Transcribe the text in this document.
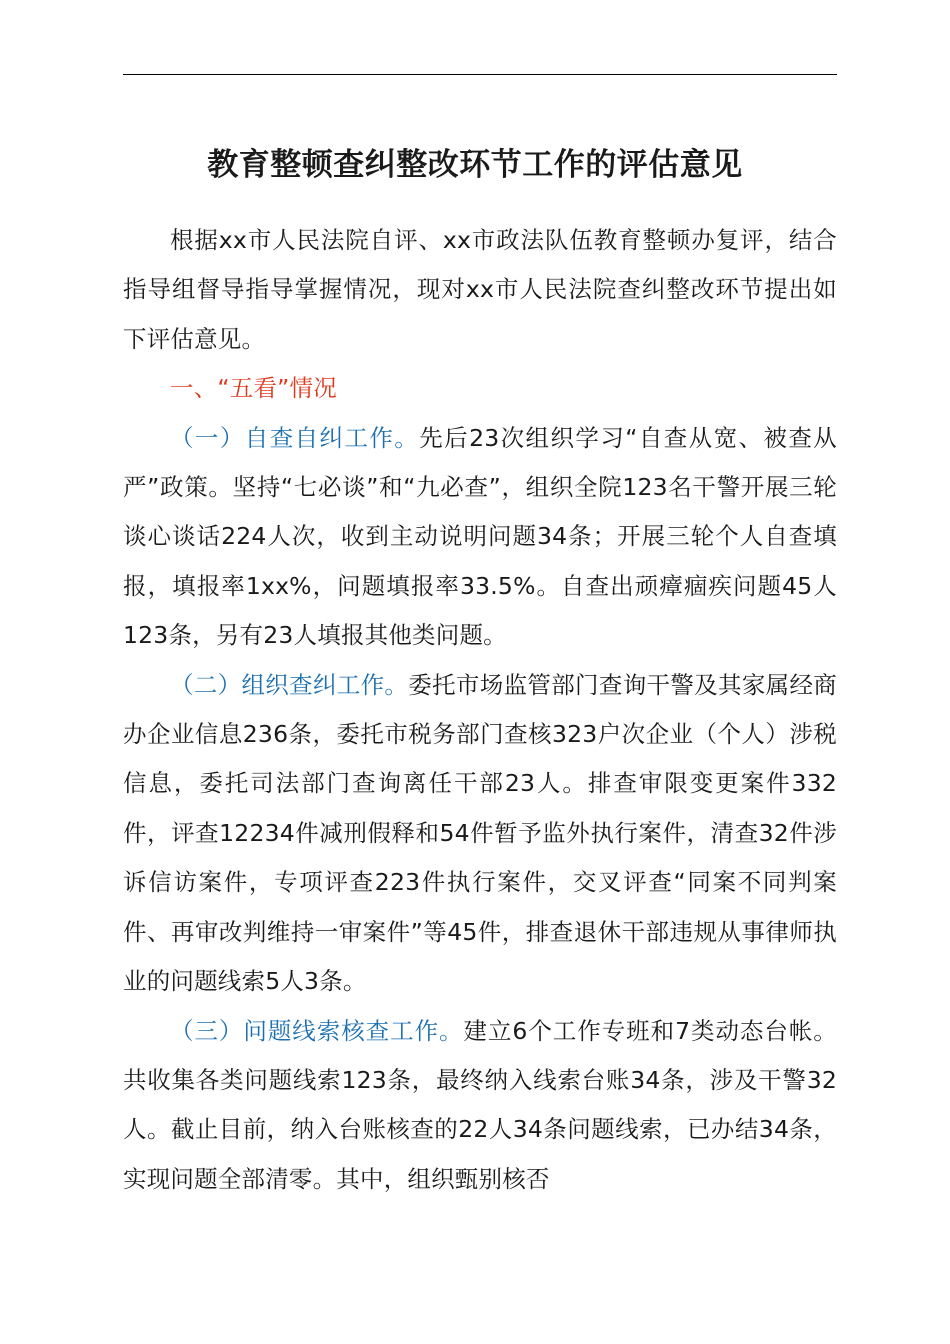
教育整顿查纠整改环节工作的评估意见

根据xx市人民法院自评、xx市政法队伍教育整顿办复评，结合指导组督导指导掌握情况，现对xx市人民法院查纠整改环节提出如下评估意见。

一、“五看”情况

（一）自查自纠工作。先后23次组织学习“自查从宽、被查从严”政策。坚持“七必谈”和“九必查”，组织全院123名干警开展三轮谈心谈话224人次，收到主动说明问题34条；开展三轮个人自查填报，填报率1xx%，问题填报率33.5%。自查出顽瘴痼疾问题45人123条，另有23人填报其他类问题。

（二）组织查纠工作。委托市场监管部门查询干警及其家属经商办企业信息236条，委托市税务部门查核323户次企业（个人）涉税信息，委托司法部门查询离任干部23人。排查审限变更案件332件，评查12234件减刑假释和54件暂予监外执行案件，清查32件涉诉信访案件，专项评查223件执行案件，交叉评查“同案不同判案件、再审改判维持一审案件”等45件，排查退休干部违规从事律师执业的问题线索5人3条。

（三）问题线索核查工作。建立6个工作专班和7类动态台帐。共收集各类问题线索123条，最终纳入线索台账34条，涉及干警32人。截止目前，纳入台账核查的22人34条问题线索，已办结34条，实现问题全部清零。其中，组织甄别核否
